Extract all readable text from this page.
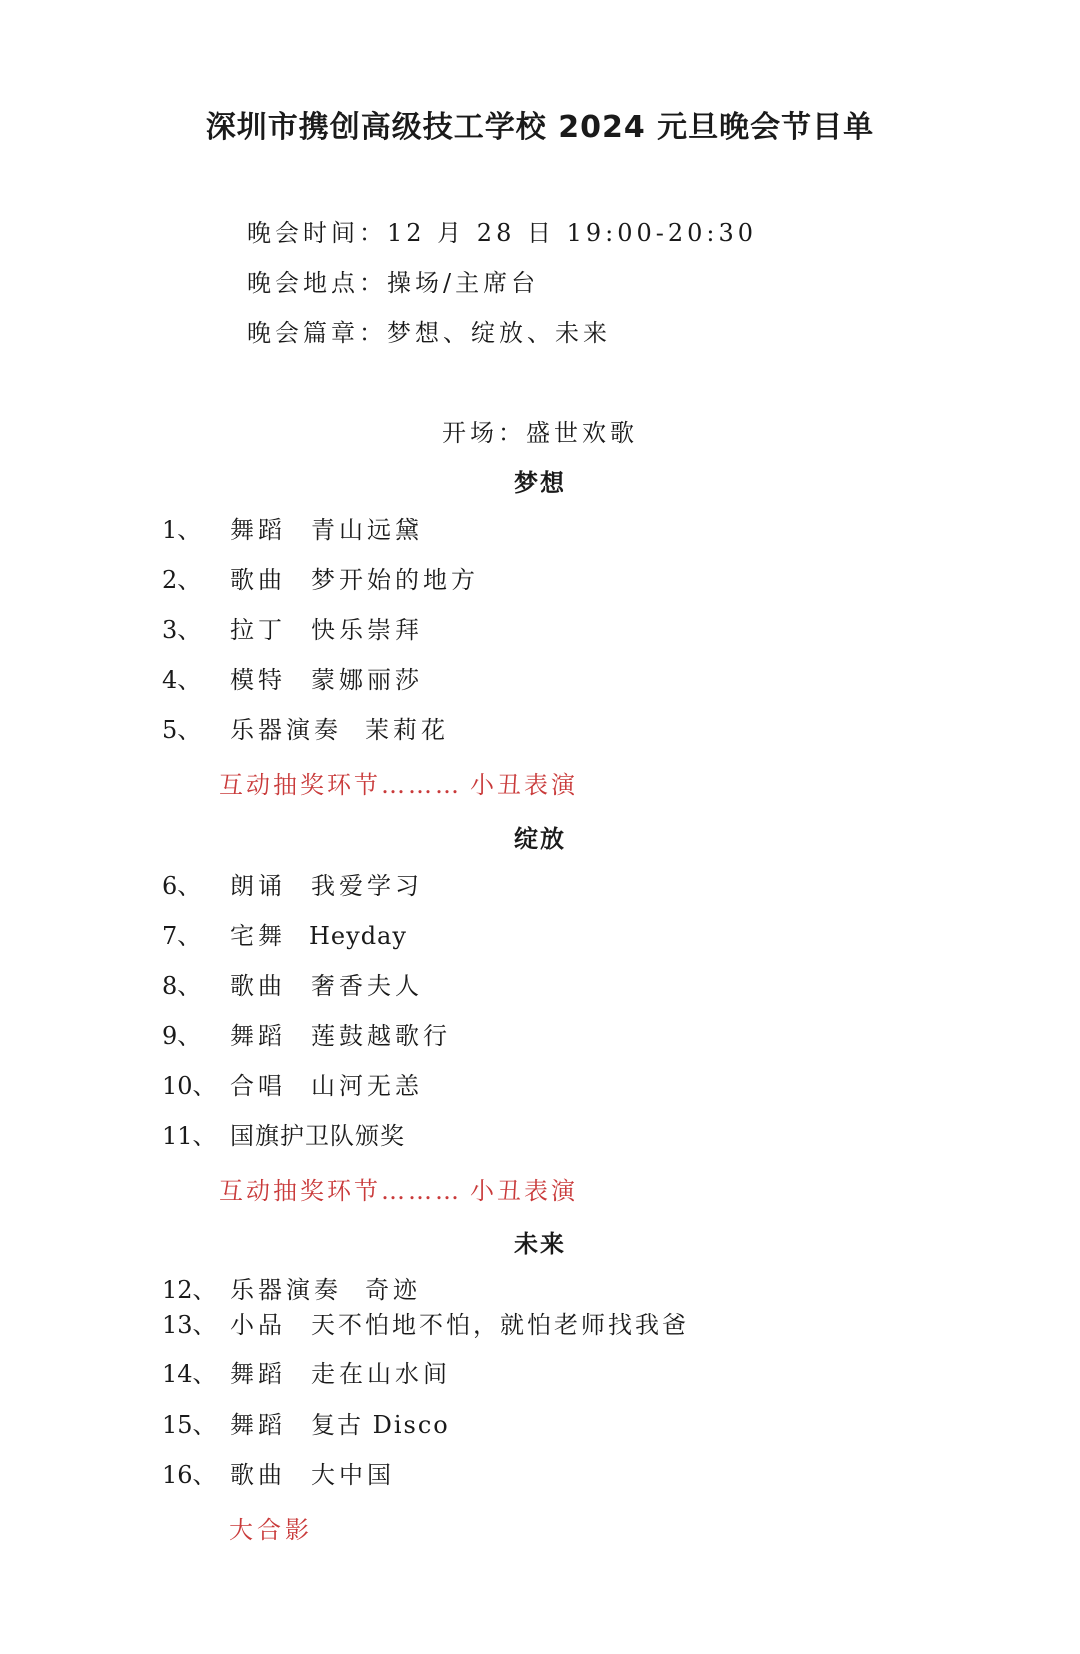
深圳市携创高级技工学校 2024 元旦晚会节目单
晚会时间：12 月 28 日 19:00-20:30
晚会地点：操场/主席台
晚会篇章：梦想、绽放、未来
开场：盛世欢歌
梦想
1、 舞蹈 青山远黛
2、 歌曲 梦开始的地方
3、 拉丁 快乐崇拜
4、 模特 蒙娜丽莎
5、 乐器演奏 茉莉花
互动抽奖环节……… 小丑表演
绽放
6、 朗诵 我爱学习
7、 宅舞 Heyday
8、 歌曲 奢香夫人
9、 舞蹈 莲鼓越歌行
10、 合唱 山河无恙
11、 国旗护卫队颁奖
互动抽奖环节……… 小丑表演
未来
12、 乐器演奏 奇迹
13、 小品 天不怕地不怕，就怕老师找我爸
14、 舞蹈 走在山水间
15、 舞蹈 复古 Disco
16、 歌曲 大中国
大合影
